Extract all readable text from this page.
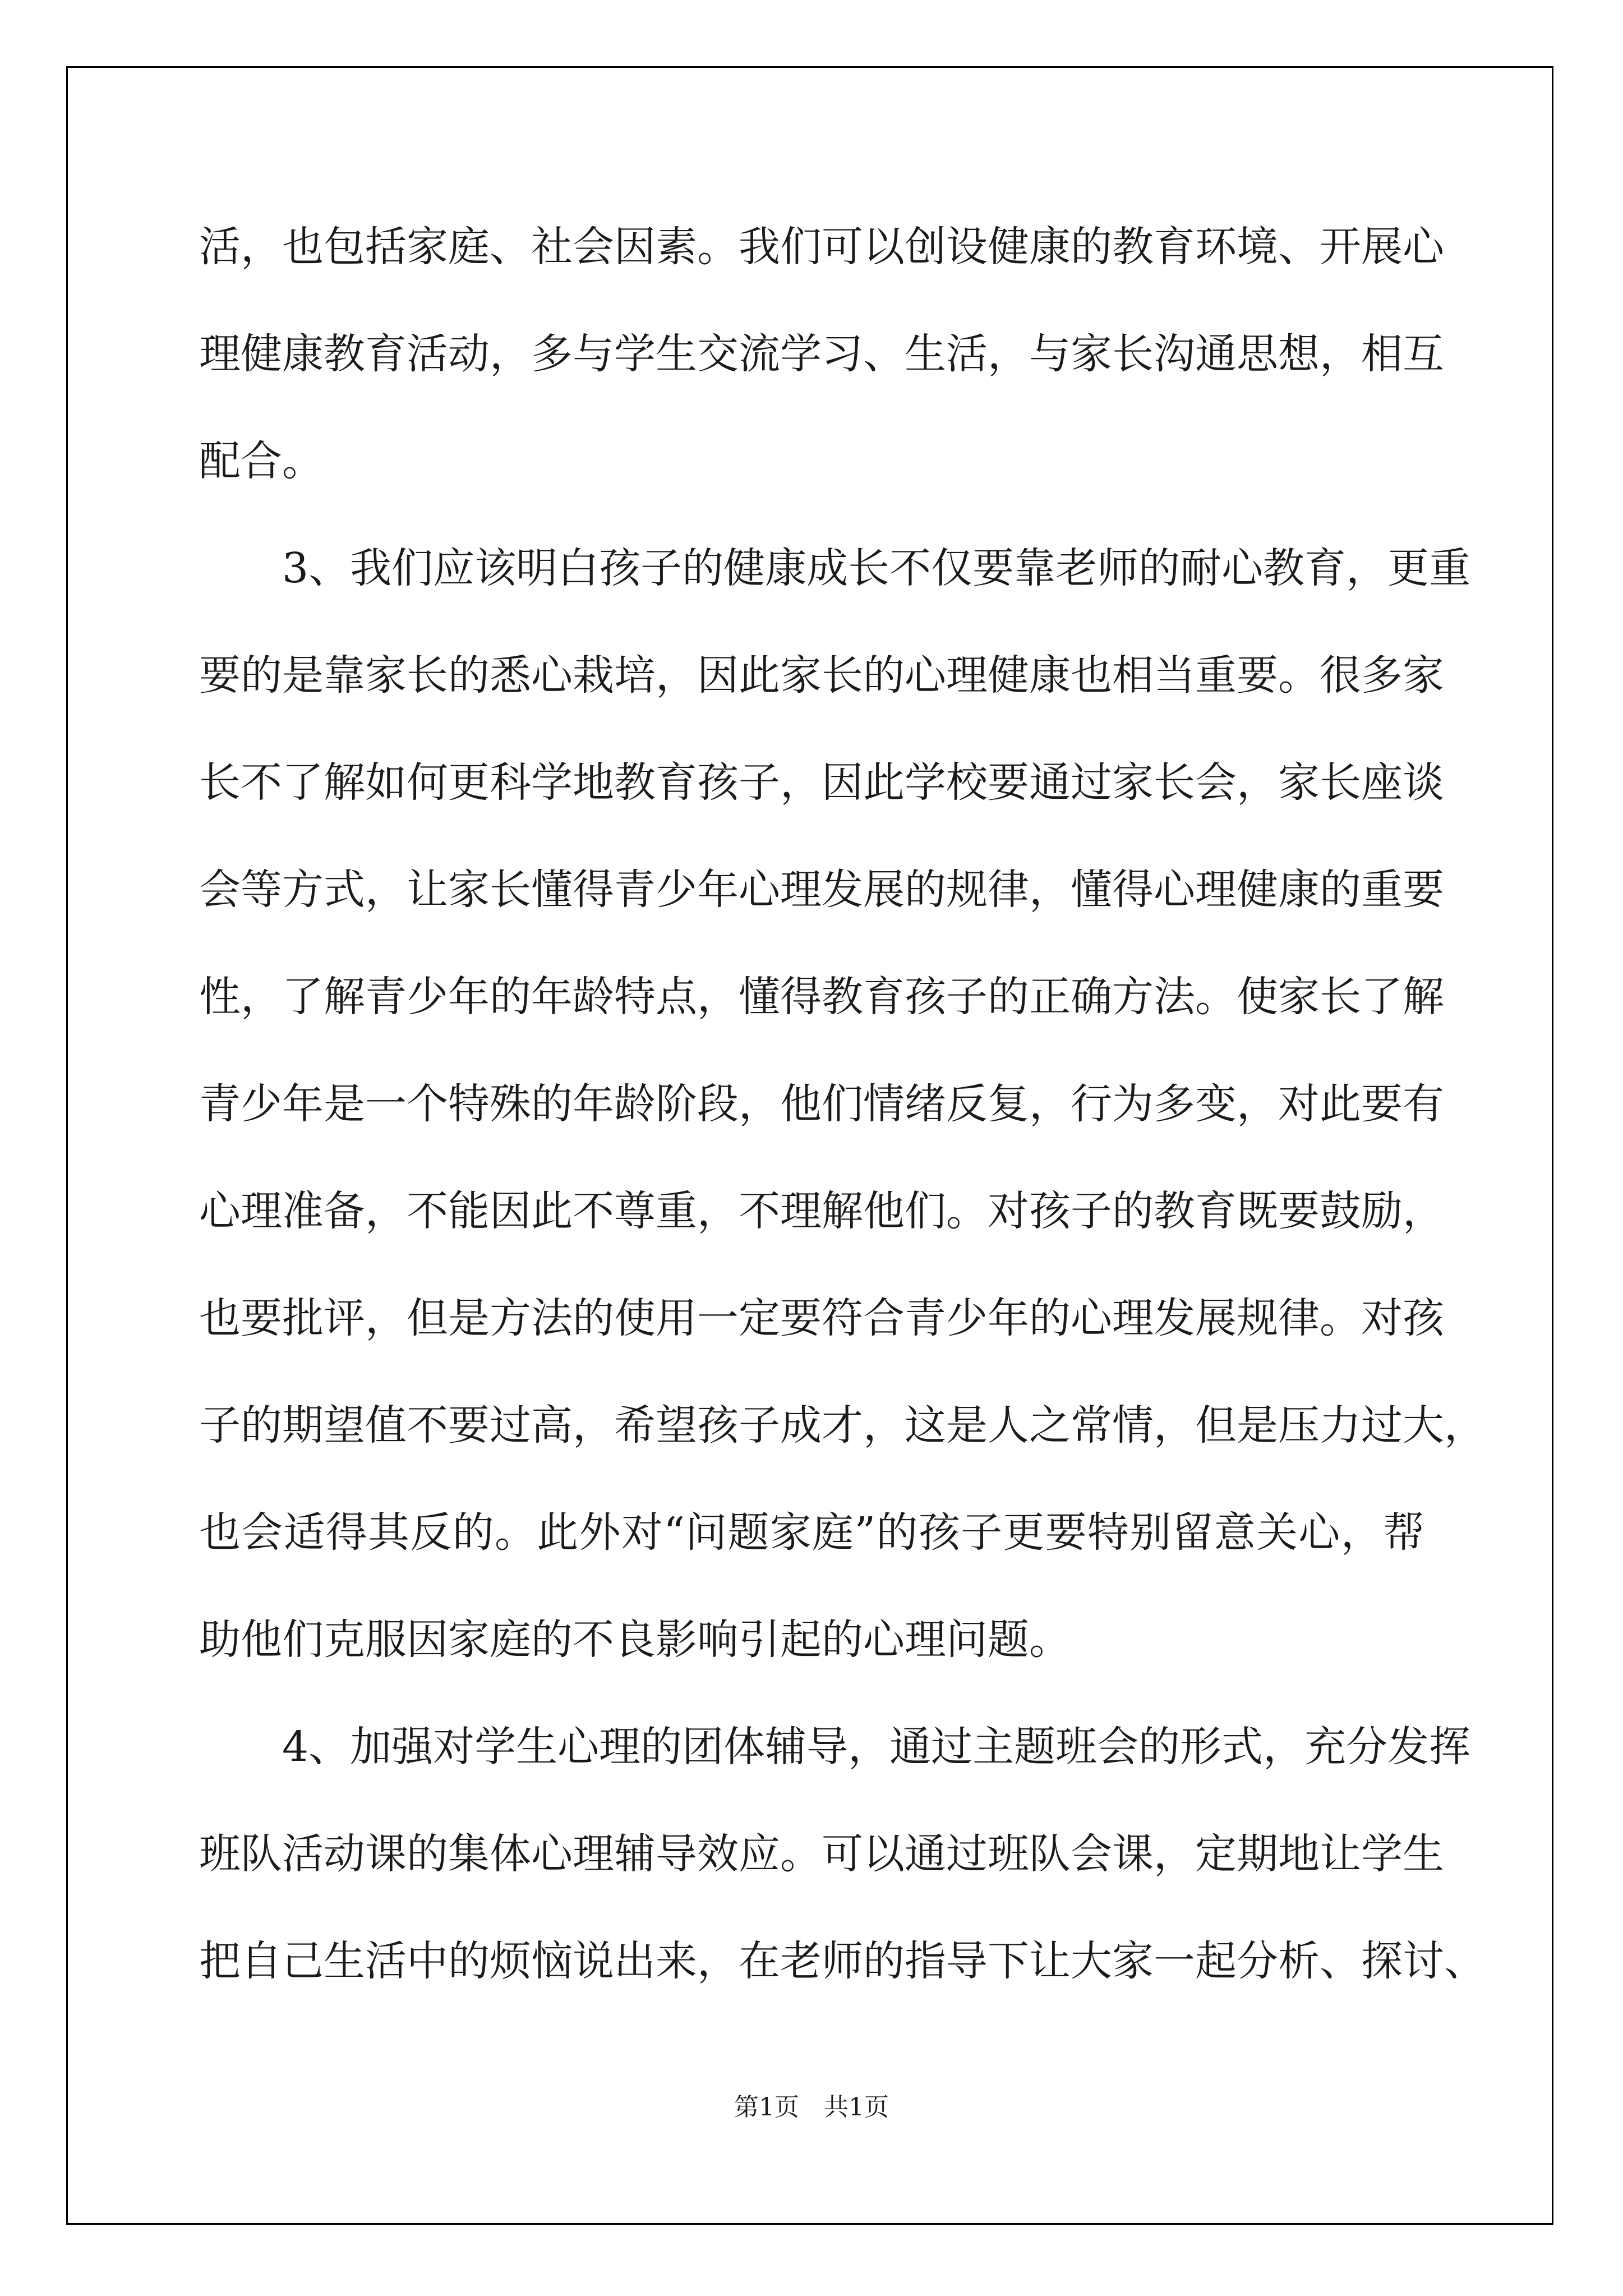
活，也包括家庭、社会因素。我们可以创设健康的教育环境、开展心
理健康教育活动，多与学生交流学习、生活，与家长沟通思想，相互
配合。
3、我们应该明白孩子的健康成长不仅要靠老师的耐心教育，更重
要的是靠家长的悉心栽培，因此家长的心理健康也相当重要。很多家
长不了解如何更科学地教育孩子，因此学校要通过家长会，家长座谈
会等方式，让家长懂得青少年心理发展的规律，懂得心理健康的重要
性，了解青少年的年龄特点，懂得教育孩子的正确方法。使家长了解
青少年是一个特殊的年龄阶段，他们情绪反复，行为多变，对此要有
心理准备，不能因此不尊重，不理解他们。对孩子的教育既要鼓励，
也要批评，但是方法的使用一定要符合青少年的心理发展规律。对孩
子的期望值不要过高，希望孩子成才，这是人之常情，但是压力过大，
也会适得其反的。此外对“问题家庭”的孩子更要特别留意关心，帮
助他们克服因家庭的不良影响引起的心理问题。
4、加强对学生心理的团体辅导，通过主题班会的形式，充分发挥
班队活动课的集体心理辅导效应。可以通过班队会课，定期地让学生
把自己生活中的烦恼说出来，在老师的指导下让大家一起分析、探讨、
第1页　共1页
